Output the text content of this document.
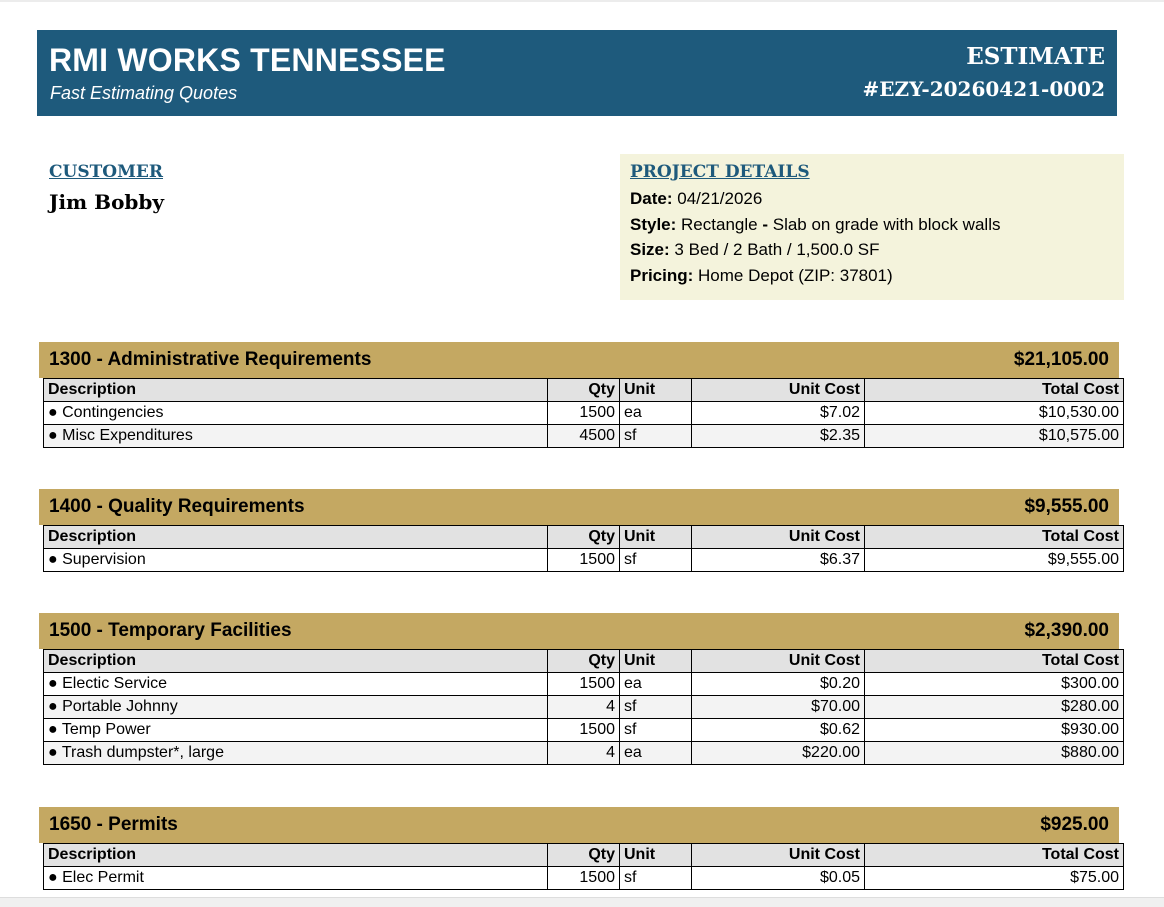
RMI WORKS TENNESSEE
Fast Estimating Quotes
ESTIMATE
#EZY-20260421-0002
CUSTOMER
Jim Bobby
PROJECT DETAILS
Date: 04/21/2026
Style: Rectangle - Slab on grade with block walls
Size: 3 Bed / 2 Bath / 1,500.0 SF
Pricing: Home Depot (ZIP: 37801)
1300 - Administrative Requirements	$21,105.00
Description	Qty	Unit	Unit Cost	Total Cost
● Contingencies	1500	ea	$7.02	$10,530.00
● Misc Expenditures	4500	sf	$2.35	$10,575.00
1400 - Quality Requirements	$9,555.00
Description	Qty	Unit	Unit Cost	Total Cost
● Supervision	1500	sf	$6.37	$9,555.00
1500 - Temporary Facilities	$2,390.00
Description	Qty	Unit	Unit Cost	Total Cost
● Electic Service	1500	ea	$0.20	$300.00
● Portable Johnny	4	sf	$70.00	$280.00
● Temp Power	1500	sf	$0.62	$930.00
● Trash dumpster*, large	4	ea	$220.00	$880.00
1650 - Permits	$925.00
Description	Qty	Unit	Unit Cost	Total Cost
● Elec Permit	1500	sf	$0.05	$75.00
